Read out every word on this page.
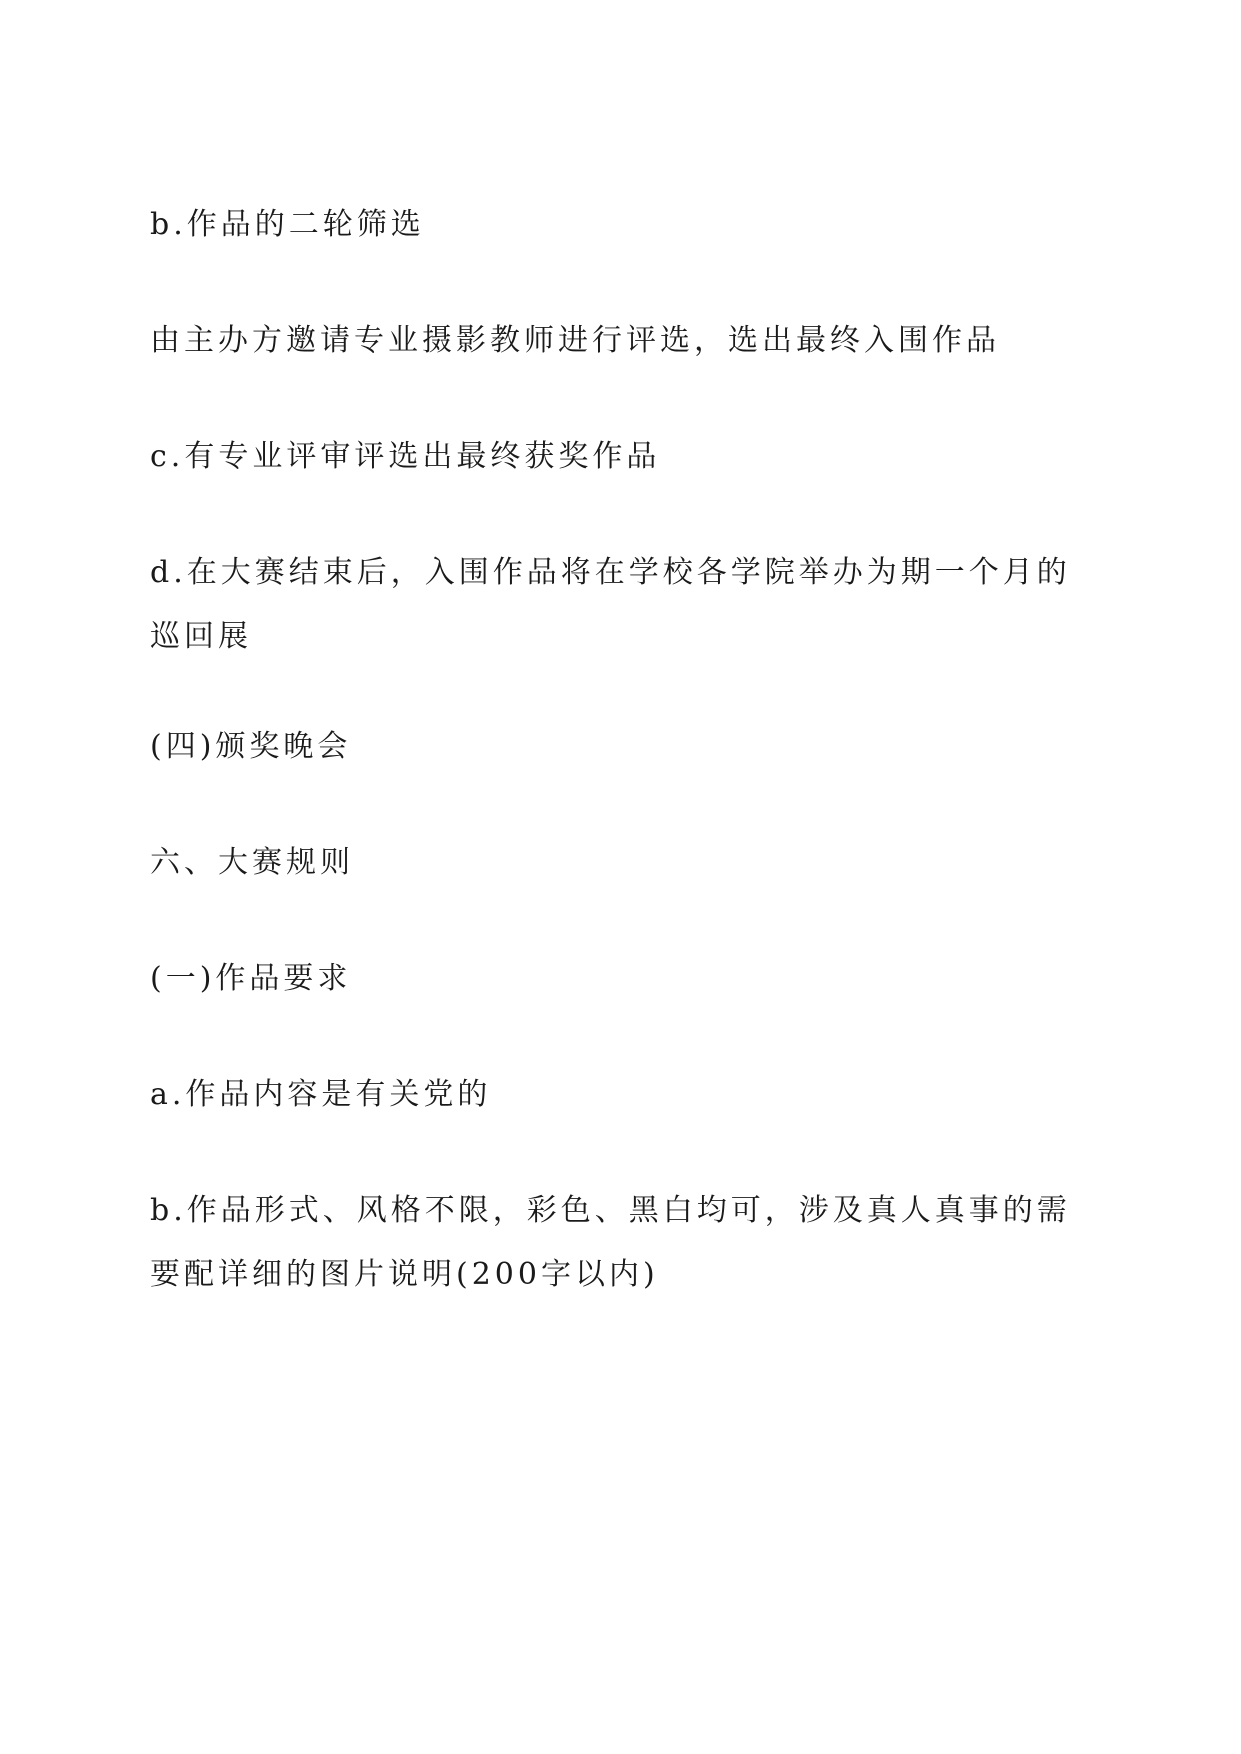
b.作品的二轮筛选

由主办方邀请专业摄影教师进行评选，选出最终入围作品

c.有专业评审评选出最终获奖作品

d.在大赛结束后，入围作品将在学校各学院举办为期一个月的巡回展

(四)颁奖晚会

六、大赛规则

(一)作品要求

a.作品内容是有关党的

b.作品形式、风格不限，彩色、黑白均可，涉及真人真事的需要配详细的图片说明(200字以内)
